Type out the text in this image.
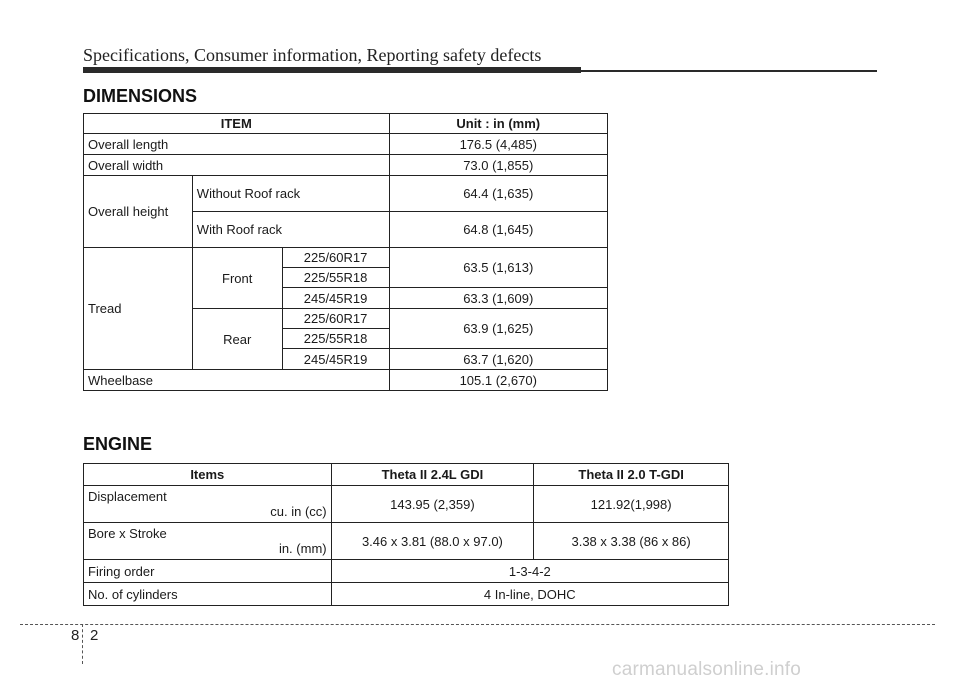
Specifications, Consumer information, Reporting safety defects
DIMENSIONS
ITEM			Unit : in (mm)
Overall length			176.5 (4,485)
Overall width			73.0 (1,855)
Overall height	Without Roof rack		64.4 (1,635)
	With Roof rack		64.8 (1,645)
Tread	Front	225/60R17	63.5 (1,613)
		225/55R18	
		245/45R19	63.3 (1,609)
	Rear	225/60R17	63.9 (1,625)
		225/55R18	
		245/45R19	63.7 (1,620)
Wheelbase			105.1 (2,670)
ENGINE
Items	Theta II 2.4L GDI	Theta II 2.0 T-GDI

Displacement
cu. in (cc)	143.95 (2,359)	121.92(1,998)

Bore x Stroke
in. (mm)	3.46 x 3.81 (88.0 x 97.0)	3.38 x 3.38 (86 x 86)
Firing order	1-3-4-2	
No. of cylinders	4 In-line, DOHC	
8 2
carmanualsonline.info
